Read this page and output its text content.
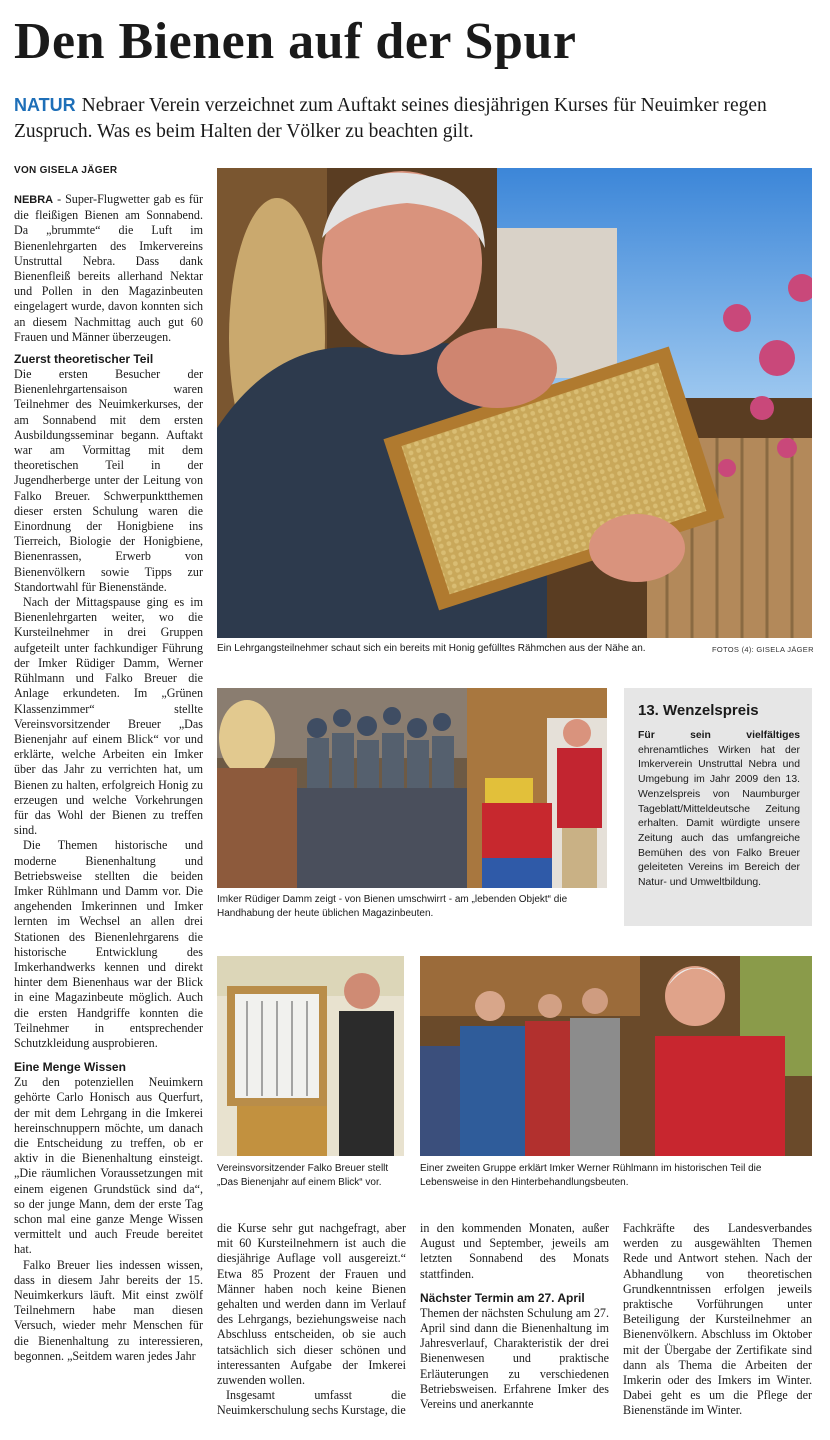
Den Bienen auf der Spur
NATUR Nebraer Verein verzeichnet zum Auftakt seines diesjährigen Kurses für Neuimker regen Zuspruch. Was es beim Halten der Völker zu beachten gilt.
VON GISELA JÄGER

NEBRA - Super-Flugwetter gab es für die fleißigen Bienen am Sonnabend. Da „brummte“ die Luft im Bienenlehrgarten des Imkervereins Unstruttal Nebra. Dass dank Bienenfleiß bereits allerhand Nektar und Pollen in den Magazinbeuten eingelagert wurde, davon konnten sich an diesem Nachmittag auch gut 60 Frauen und Männer überzeugen.

Zuerst theoretischer Teil

Die ersten Besucher der Bienenlehrgartensaison waren Teilnehmer des Neuimkerkurses, der am Sonnabend mit dem ersten Ausbildungsseminar begann. Auftakt war am Vormittag mit dem theoretischen Teil in der Jugendherberge unter der Leitung von Falko Breuer. Schwerpunktthemen dieser ersten Schulung waren die Einordnung der Honigbiene ins Tierreich, Biologie der Honigbiene, Bienenrassen, Erwerb von Bienenvölkern sowie Tipps zur Standortwahl für Bienenstände.

Nach der Mittagspause ging es im Bienenlehrgarten weiter, wo die Kursteilnehmer in drei Gruppen aufgeteilt unter fachkundiger Führung der Imker Rüdiger Damm, Werner Rühlmann und Falko Breuer die Anlage erkundeten. Im „Grünen Klassenzimmer“ stellte Vereinsvorsitzender Breuer „Das Bienenjahr auf einem Blick“ vor und erklärte, welche Arbeiten ein Imker über das Jahr zu verrichten hat, um Bienen zu halten, erfolgreich Honig zu erzeugen und welche Vorkehrungen für das Wohl der Bienen zu treffen sind.

Die Themen historische und moderne Bienenhaltung und Betriebsweise stellten die beiden Imker Rühlmann und Damm vor. Die angehenden Imkerinnen und Imker lernten im Wechsel an allen drei Stationen des Bienenlehrgarens die historische Entwicklung des Imkerhandwerks kennen und direkt hinter dem Bienenhaus war der Blick in eine Magazinbeute möglich. Auch die ersten Handgriffe konnten die Teilnehmer in entsprechender Schutzkleidung ausprobieren.

Eine Menge Wissen

Zu den potenziellen Neuimkern gehörte Carlo Honisch aus Querfurt, der mit dem Lehrgang in die Imkerei hereinschnuppern möchte, um danach die Entscheidung zu treffen, ob er aktiv in die Bienenhaltung einsteigt. „Die räumlichen Voraussetzungen mit einem eigenen Grundstück sind da“, so der junge Mann, dem der erste Tag schon mal eine ganze Menge Wissen vermittelt und auch Freude bereitet hat.

Falko Breuer lies indessen wissen, dass in diesem Jahr bereits der 15. Neuimkerkurs läuft. Mit einst zwölf Teilnehmern habe man diesen Versuch, wieder mehr Menschen für die Bienenhaltung zu interessieren, begonnen. „Seitdem waren jedes Jahr

Ein Lehrgangsteilnehmer schaut sich ein bereits mit Honig gefülltes Rähmchen aus der Nähe an.	FOTOS (4): GISELA JÄGER
Imker Rüdiger Damm zeigt - von Bienen umschwirrt - am „lebenden Objekt“ die Handhabung der heute üblichen Magazinbeuten.
13. Wenzelspreis
Für sein vielfältiges ehrenamtliches Wirken hat der Imkerverein Unstruttal Nebra und Umgebung im Jahr 2009 den 13. Wenzelspreis von Naumburger Tageblatt/Mitteldeutsche Zeitung erhalten. Damit würdigte unsere Zeitung auch das umfangreiche Bemühen des von Falko Breuer geleiteten Vereins im Bereich der Natur- und Umweltbildung.
Vereinsvorsitzender Falko Breuer stellt „Das Bienenjahr auf einem Blick“ vor.
Einer zweiten Gruppe erklärt Imker Werner Rühlmann im historischen Teil die Lebensweise in den Hinterbehandlungsbeuten.

die Kurse sehr gut nachgefragt, aber mit 60 Kursteilnehmern ist auch die diesjährige Auflage voll ausgereizt.“ Etwa 85 Prozent der Frauen und Männer haben noch keine Bienen gehalten und werden dann im Verlauf des Lehrgangs, beziehungsweise nach Abschluss entscheiden, ob sie auch tatsächlich sich dieser schönen und interessanten Aufgabe der Imkerei zuwenden wollen.

Insgesamt umfasst die Neuimkerschulung sechs Kurstage, die

in den kommenden Monaten, außer August und September, jeweils am letzten Sonnabend des Monats stattfinden.

Nächster Termin am 27. April

Themen der nächsten Schulung am 27. April sind dann die Bienenhaltung im Jahresverlauf, Charakteristik der drei Bienenwesen und praktische Erläuterungen zu verschiedenen Betriebsweisen. Erfahrene Imker des Vereins und anerkannte

Fachkräfte des Landesverbandes werden zu ausgewählten Themen Rede und Antwort stehen. Nach der Abhandlung von theoretischen Grundkenntnissen erfolgen jeweils praktische Vorführungen unter Beteiligung der Kursteilnehmer an Bienenvölkern. Abschluss im Oktober mit der Übergabe der Zertifikate sind dann als Thema die Arbeiten der Imkerin oder des Imkers im Winter. Dabei geht es um die Pflege der Bienenstände im Winter.
